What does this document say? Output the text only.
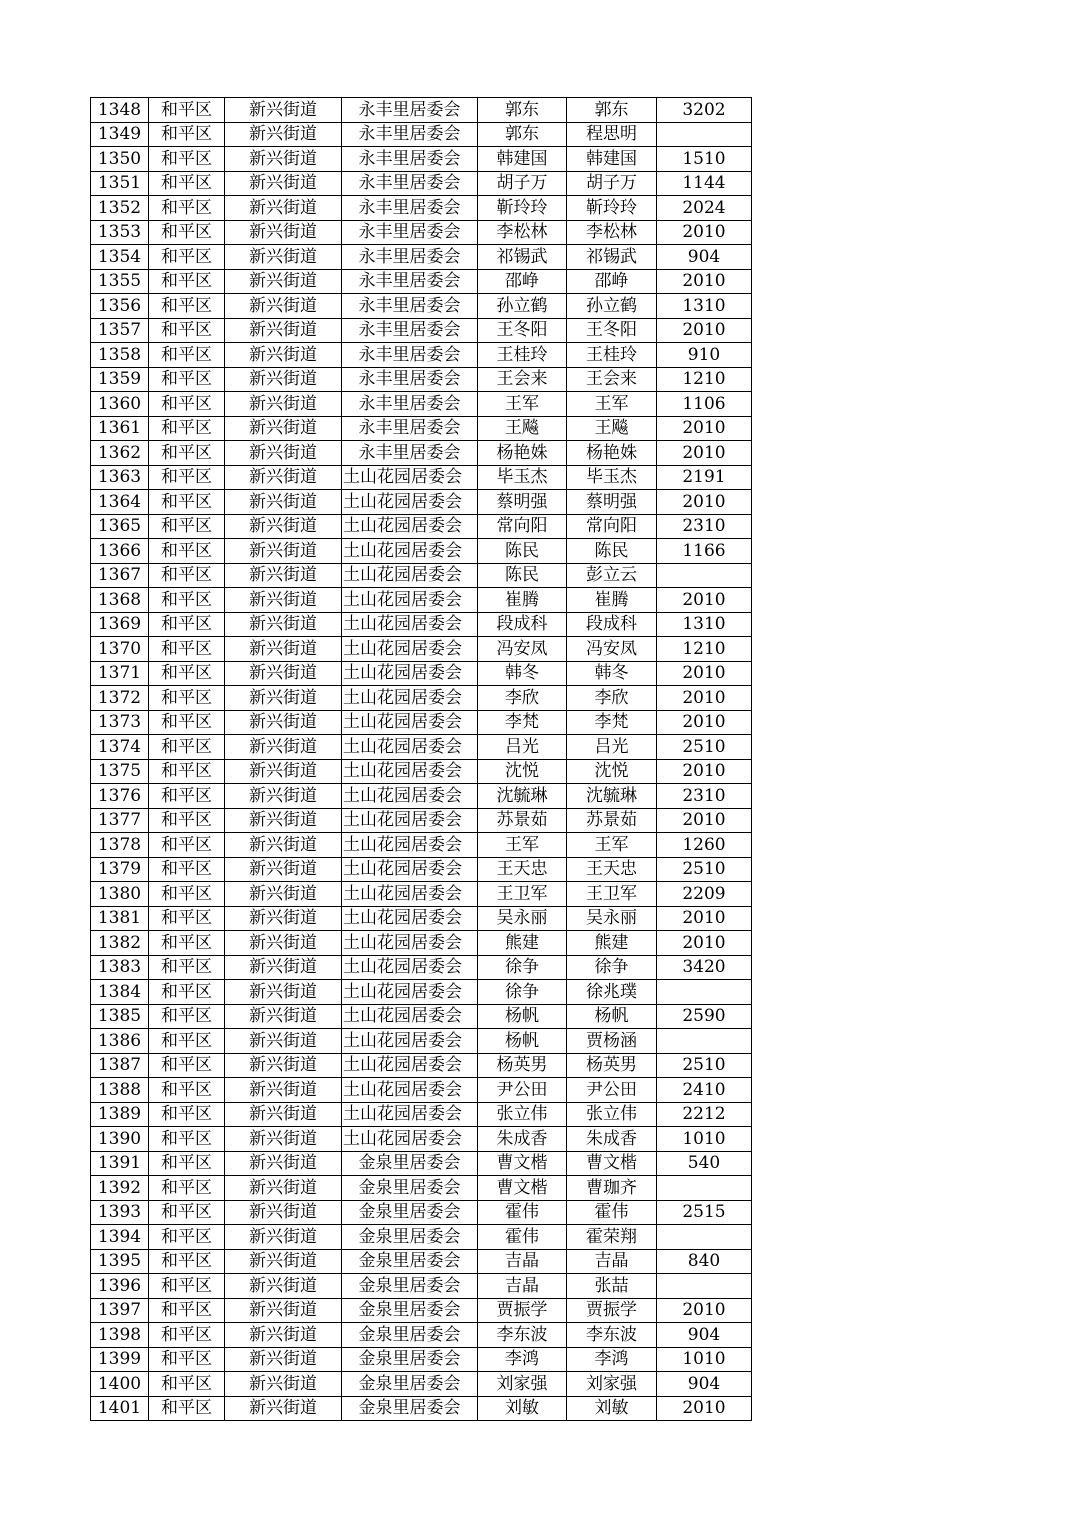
1348	和平区	新兴街道	永丰里居委会	郭东	郭东	3202
1349	和平区	新兴街道	永丰里居委会	郭东	程思明	
1350	和平区	新兴街道	永丰里居委会	韩建国	韩建国	1510
1351	和平区	新兴街道	永丰里居委会	胡子万	胡子万	1144
1352	和平区	新兴街道	永丰里居委会	靳玲玲	靳玲玲	2024
1353	和平区	新兴街道	永丰里居委会	李松林	李松林	2010
1354	和平区	新兴街道	永丰里居委会	祁锡武	祁锡武	904
1355	和平区	新兴街道	永丰里居委会	邵峥	邵峥	2010
1356	和平区	新兴街道	永丰里居委会	孙立鹤	孙立鹤	1310
1357	和平区	新兴街道	永丰里居委会	王冬阳	王冬阳	2010
1358	和平区	新兴街道	永丰里居委会	王桂玲	王桂玲	910
1359	和平区	新兴街道	永丰里居委会	王会来	王会来	1210
1360	和平区	新兴街道	永丰里居委会	王军	王军	1106
1361	和平区	新兴街道	永丰里居委会	王飚	王飚	2010
1362	和平区	新兴街道	永丰里居委会	杨艳姝	杨艳姝	2010
1363	和平区	新兴街道	土山花园居委会	毕玉杰	毕玉杰	2191
1364	和平区	新兴街道	土山花园居委会	蔡明强	蔡明强	2010
1365	和平区	新兴街道	土山花园居委会	常向阳	常向阳	2310
1366	和平区	新兴街道	土山花园居委会	陈民	陈民	1166
1367	和平区	新兴街道	土山花园居委会	陈民	彭立云	
1368	和平区	新兴街道	土山花园居委会	崔腾	崔腾	2010
1369	和平区	新兴街道	土山花园居委会	段成科	段成科	1310
1370	和平区	新兴街道	土山花园居委会	冯安凤	冯安凤	1210
1371	和平区	新兴街道	土山花园居委会	韩冬	韩冬	2010
1372	和平区	新兴街道	土山花园居委会	李欣	李欣	2010
1373	和平区	新兴街道	土山花园居委会	李梵	李梵	2010
1374	和平区	新兴街道	土山花园居委会	吕光	吕光	2510
1375	和平区	新兴街道	土山花园居委会	沈悦	沈悦	2010
1376	和平区	新兴街道	土山花园居委会	沈毓琳	沈毓琳	2310
1377	和平区	新兴街道	土山花园居委会	苏景茹	苏景茹	2010
1378	和平区	新兴街道	土山花园居委会	王军	王军	1260
1379	和平区	新兴街道	土山花园居委会	王天忠	王天忠	2510
1380	和平区	新兴街道	土山花园居委会	王卫军	王卫军	2209
1381	和平区	新兴街道	土山花园居委会	吴永丽	吴永丽	2010
1382	和平区	新兴街道	土山花园居委会	熊建	熊建	2010
1383	和平区	新兴街道	土山花园居委会	徐争	徐争	3420
1384	和平区	新兴街道	土山花园居委会	徐争	徐兆璞	
1385	和平区	新兴街道	土山花园居委会	杨帆	杨帆	2590
1386	和平区	新兴街道	土山花园居委会	杨帆	贾杨涵	
1387	和平区	新兴街道	土山花园居委会	杨英男	杨英男	2510
1388	和平区	新兴街道	土山花园居委会	尹公田	尹公田	2410
1389	和平区	新兴街道	土山花园居委会	张立伟	张立伟	2212
1390	和平区	新兴街道	土山花园居委会	朱成香	朱成香	1010
1391	和平区	新兴街道	金泉里居委会	曹文楷	曹文楷	540
1392	和平区	新兴街道	金泉里居委会	曹文楷	曹珈齐	
1393	和平区	新兴街道	金泉里居委会	霍伟	霍伟	2515
1394	和平区	新兴街道	金泉里居委会	霍伟	霍荣翔	
1395	和平区	新兴街道	金泉里居委会	吉晶	吉晶	840
1396	和平区	新兴街道	金泉里居委会	吉晶	张喆	
1397	和平区	新兴街道	金泉里居委会	贾振学	贾振学	2010
1398	和平区	新兴街道	金泉里居委会	李东波	李东波	904
1399	和平区	新兴街道	金泉里居委会	李鸿	李鸿	1010
1400	和平区	新兴街道	金泉里居委会	刘家强	刘家强	904
1401	和平区	新兴街道	金泉里居委会	刘敏	刘敏	2010
